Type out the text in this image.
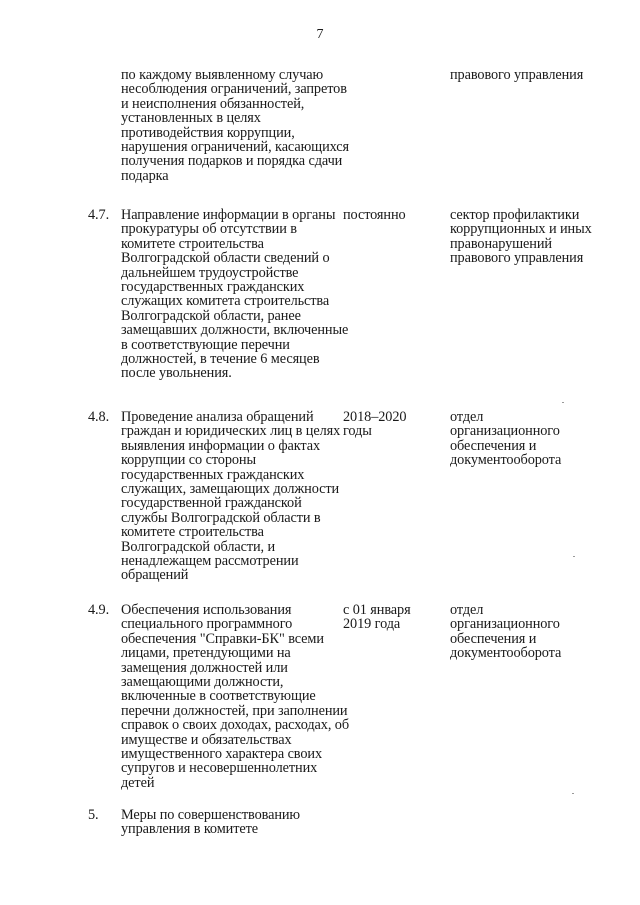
7
по каждому выявленному случаю несоблюдения ограничений, запретов и неисполнения обязанностей, установленных в целях противодействия коррупции, нарушения ограничений, касающихся получения подарков и порядка сдачи подарка
правового управления
4.7. Направление информации в органы прокуратуры об отсутствии в комитете строительства Волгоградской области сведений о дальнейшем трудоустройстве государственных гражданских служащих комитета строительства Волгоградской области, ранее замещавших должности, включенные в соответствующие перечни должностей, в течение 6 месяцев после увольнения.
постоянно	сектор профилактики коррупционных и иных правонарушений правового управления
4.8. Проведение анализа обращений граждан и юридических лиц в целях выявления информации о фактах коррупции со стороны государственных гражданских служащих, замещающих должности государственной гражданской службы Волгоградской области в комитете строительства Волгоградской области, и ненадлежащем рассмотрении обращений
2018–2020 годы
отдел организационного обеспечения и документооборота
4.9. Обеспечения использования специального программного обеспечения "Справки-БК" всеми лицами, претендующими на замещения должностей или замещающими должности, включенные в соответствующие перечни должностей, при заполнении справок о своих доходах, расходах, об имуществе и обязательствах имущественного характера своих супругов и несовершеннолетних детей
с 01 января 2019 года
отдел организационного обеспечения и документооборота
5. Меры по совершенствованию управления в комитете
